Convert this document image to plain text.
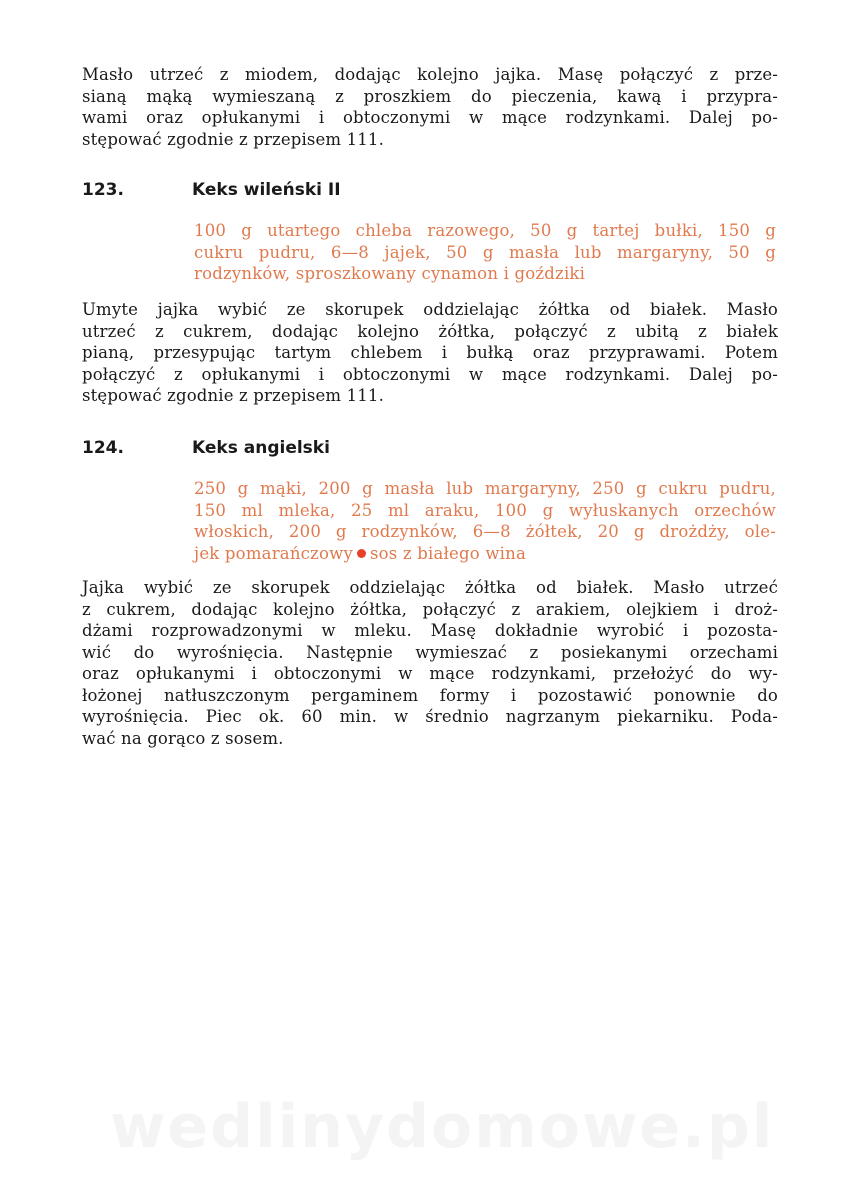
Masło utrzeć z miodem, dodając kolejno jajka. Masę połączyć z prze-
sianą mąką wymieszaną z proszkiem do pieczenia, kawą i przypra-
wami oraz opłukanymi i obtoczonymi w mące rodzynkami. Dalej po-
stępować zgodnie z przepisem 111.
123.	Keks wileński II
100 g utartego chleba razowego, 50 g tartej bułki, 150 g
cukru pudru, 6—8 jajek, 50 g masła lub margaryny, 50 g
rodzynków, sproszkowany cynamon i goździki
Umyte jajka wybić ze skorupek oddzielając żółtka od białek. Masło
utrzeć z cukrem, dodając kolejno żółtka, połączyć z ubitą z białek
pianą, przesypując tartym chlebem i bułką oraz przyprawami. Potem
połączyć z opłukanymi i obtoczonymi w mące rodzynkami. Dalej po-
stępować zgodnie z przepisem 111.
124.	Keks angielski
250 g mąki, 200 g masła lub margaryny, 250 g cukru pudru,
150 ml mleka, 25 ml araku, 100 g wyłuskanych orzechów
włoskich, 200 g rodzynków, 6—8 żółtek, 20 g drożdży, ole-
jek pomarańczowy sos z białego wina
Jajka wybić ze skorupek oddzielając żółtka od białek. Masło utrzeć
z cukrem, dodając kolejno żółtka, połączyć z arakiem, olejkiem i droż-
dżami rozprowadzonymi w mleku. Masę dokładnie wyrobić i pozosta-
wić do wyrośnięcia. Następnie wymieszać z posiekanymi orzechami
oraz opłukanymi i obtoczonymi w mące rodzynkami, przełożyć do wy-
łożonej natłuszczonym pergaminem formy i pozostawić ponownie do
wyrośnięcia. Piec ok. 60 min. w średnio nagrzanym piekarniku. Poda-
wać na gorąco z sosem.
wedlinydomowe.pl
